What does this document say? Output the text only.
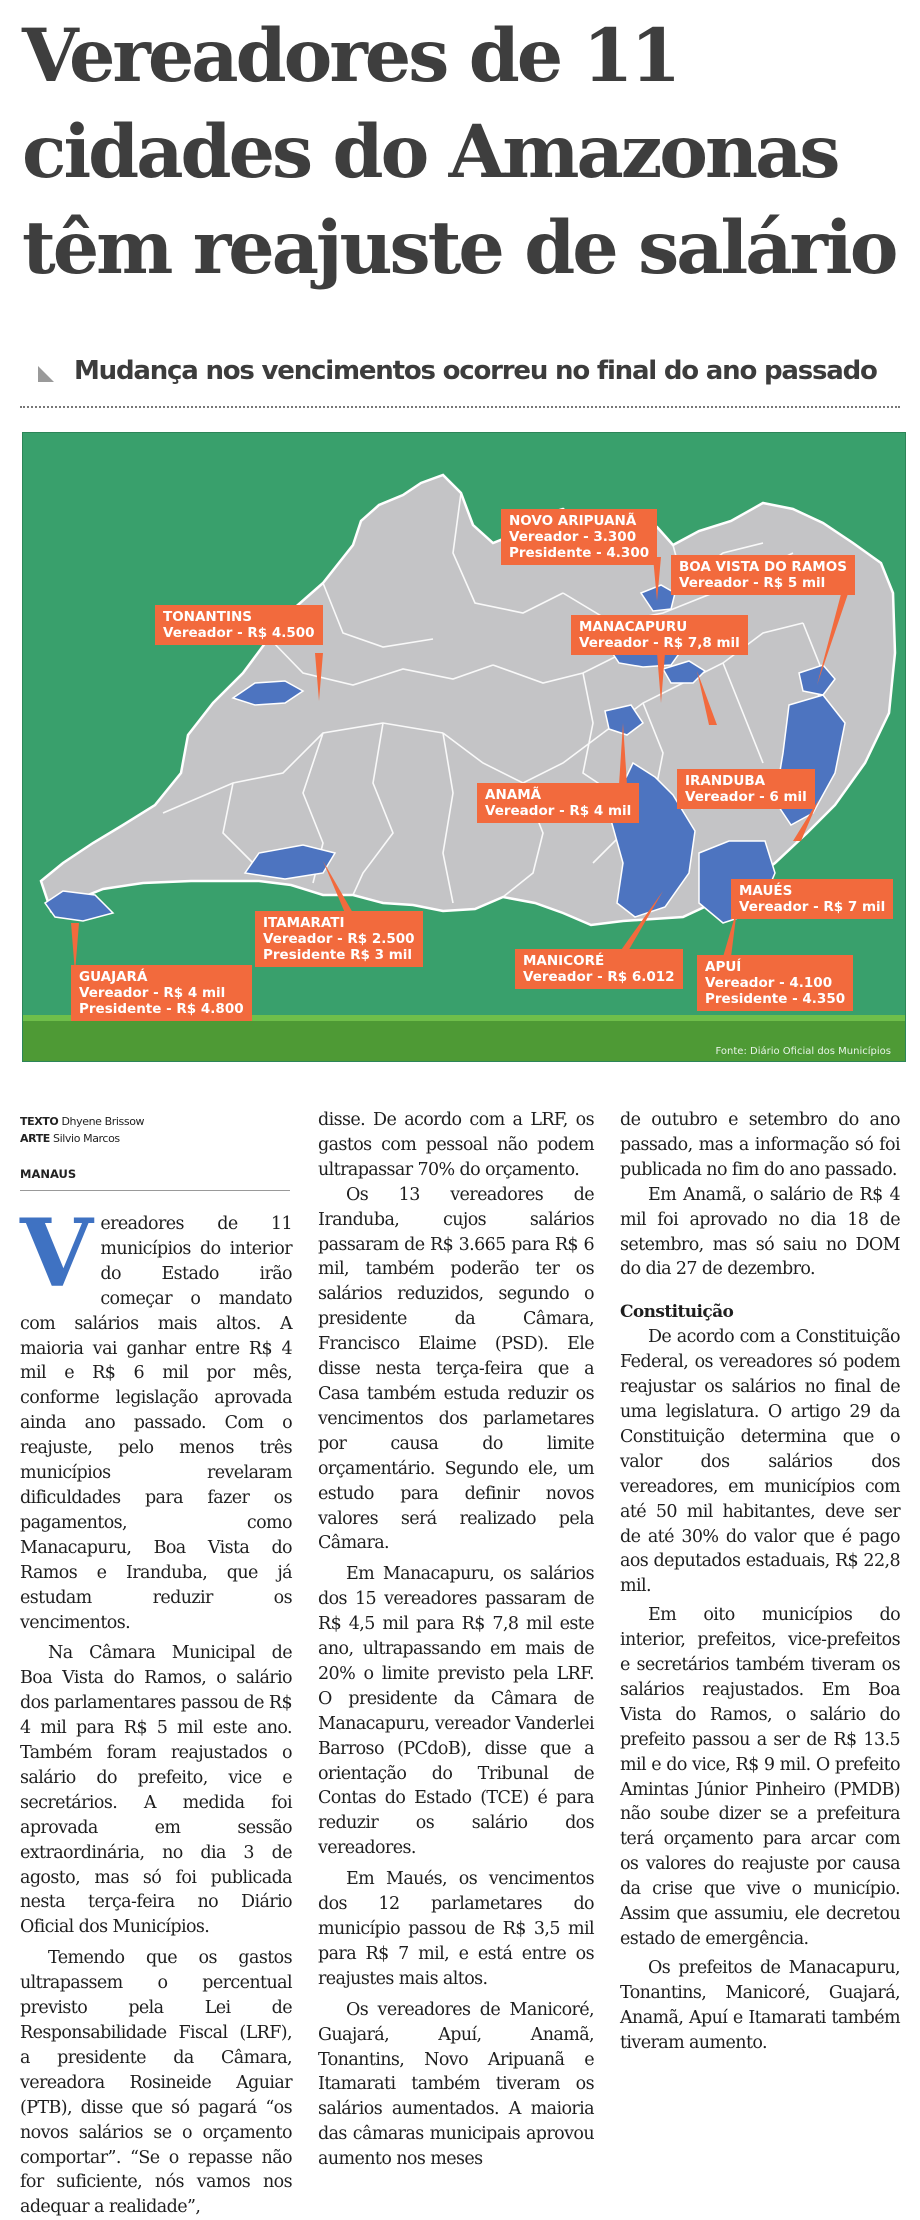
Vereadores de 11
cidades do Amazonas
têm reajuste de salário
Mudança nos vencimentos ocorreu no final do ano passado
NOVO ARIPUANÃ
Vereador - 3.300
Presidente - 4.300
BOA VISTA DO RAMOS
Vereador - R$ 5 mil
TONANTINS
Vereador - R$ 4.500	MANACAPURU
Vereador - R$ 7,8 mil
ANAMÃ
Vereador - R$ 4 mil
IRANDUBA
Vereador - 6 mil
MAUÉS
Vereador - R$ 7 mil
ITAMARATI
Vereador - R$ 2.500
Presidente R$ 3 mil	MANICORÉ
Vereador - R$ 6.012
APUÍ
Vereador - 4.100
Presidente - 4.350
GUAJARÁ
Vereador - R$ 4 mil
Presidente - R$ 4.800
Fonte: Diário Oficial dos Municípios
TEXTO Dhyene Brissow
ARTE Silvio Marcos
MANAUS

Vereadores de 11 municípios do interior do Estado irão começar o mandato com salários mais altos. A maioria vai ganhar entre R$ 4 mil e R$ 6 mil por mês, conforme legislação aprovada ainda ano passado. Com o reajuste, pelo menos três municípios revelaram dificuldades para fazer os pagamentos, como Manacapuru, Boa Vista do Ramos e Iranduba, que já estudam reduzir os vencimentos.

Na Câmara Municipal de Boa Vista do Ramos, o salário dos parlamentares passou de R$ 4 mil para R$ 5 mil este ano. Também foram reajustados o salário do prefeito, vice e secretários. A medida foi aprovada em sessão extraordinária, no dia 3 de agosto, mas só foi publicada nesta terça-feira no Diário Oficial dos Municípios.

Temendo que os gastos ultrapassem o percentual previsto pela Lei de Responsabilidade Fiscal (LRF), a presidente da Câmara, vereadora Rosineide Aguiar (PTB), disse que só pagará “os novos salários se o orçamento comportar”. “Se o repasse não for suficiente, nós vamos nos adequar a realidade”,

disse. De acordo com a LRF, os gastos com pessoal não podem ultrapassar 70% do orçamento.

Os 13 vereadores de Iranduba, cujos salários passaram de R$ 3.665 para R$ 6 mil, também poderão ter os salários reduzidos, segundo o presidente da Câmara, Francisco Elaime (PSD). Ele disse nesta terça-feira que a Casa também estuda reduzir os vencimentos dos parlametares por causa do limite orçamentário. Segundo ele, um estudo para definir novos valores será realizado pela Câmara.

Em Manacapuru, os salários dos 15 vereadores passaram de R$ 4,5 mil para R$ 7,8 mil este ano, ultrapassando em mais de 20% o limite previsto pela LRF. O presidente da Câmara de Manacapuru, vereador Vanderlei Barroso (PCdoB), disse que a orientação do Tribunal de Contas do Estado (TCE) é para reduzir os salário dos vereadores.

Em Maués, os vencimentos dos 12 parlametares do município passou de R$ 3,5 mil para R$ 7 mil, e está entre os reajustes mais altos.

Os vereadores de Manicoré, Guajará, Apuí, Anamã, Tonantins, Novo Aripuanã e Itamarati também tiveram os salários aumentados. A maioria das câmaras municipais aprovou aumento nos meses

de outubro e setembro do ano passado, mas a informação só foi publicada no fim do ano passado.

Em Anamã, o salário de R$ 4 mil foi aprovado no dia 18 de setembro, mas só saiu no DOM do dia 27 de dezembro.

Constituição

De acordo com a Constituição Federal, os vereadores só podem reajustar os salários no final de uma legislatura. O artigo 29 da Constituição determina que o valor dos salários dos vereadores, em municípios com até 50 mil habitantes, deve ser de até 30% do valor que é pago aos deputados estaduais, R$ 22,8 mil.

Em oito municípios do interior, prefeitos, vice-prefeitos e secretários também tiveram os salários reajustados. Em Boa Vista do Ramos, o salário do prefeito passou a ser de R$ 13.5 mil e do vice, R$ 9 mil. O prefeito Amintas Júnior Pinheiro (PMDB) não soube dizer se a prefeitura terá orçamento para arcar com os valores do reajuste por causa da crise que vive o município. Assim que assumiu, ele decretou estado de emergência.

Os prefeitos de Manacapuru, Tonantins, Manicoré, Guajará, Anamã, Apuí e Itamarati também tiveram aumento.
